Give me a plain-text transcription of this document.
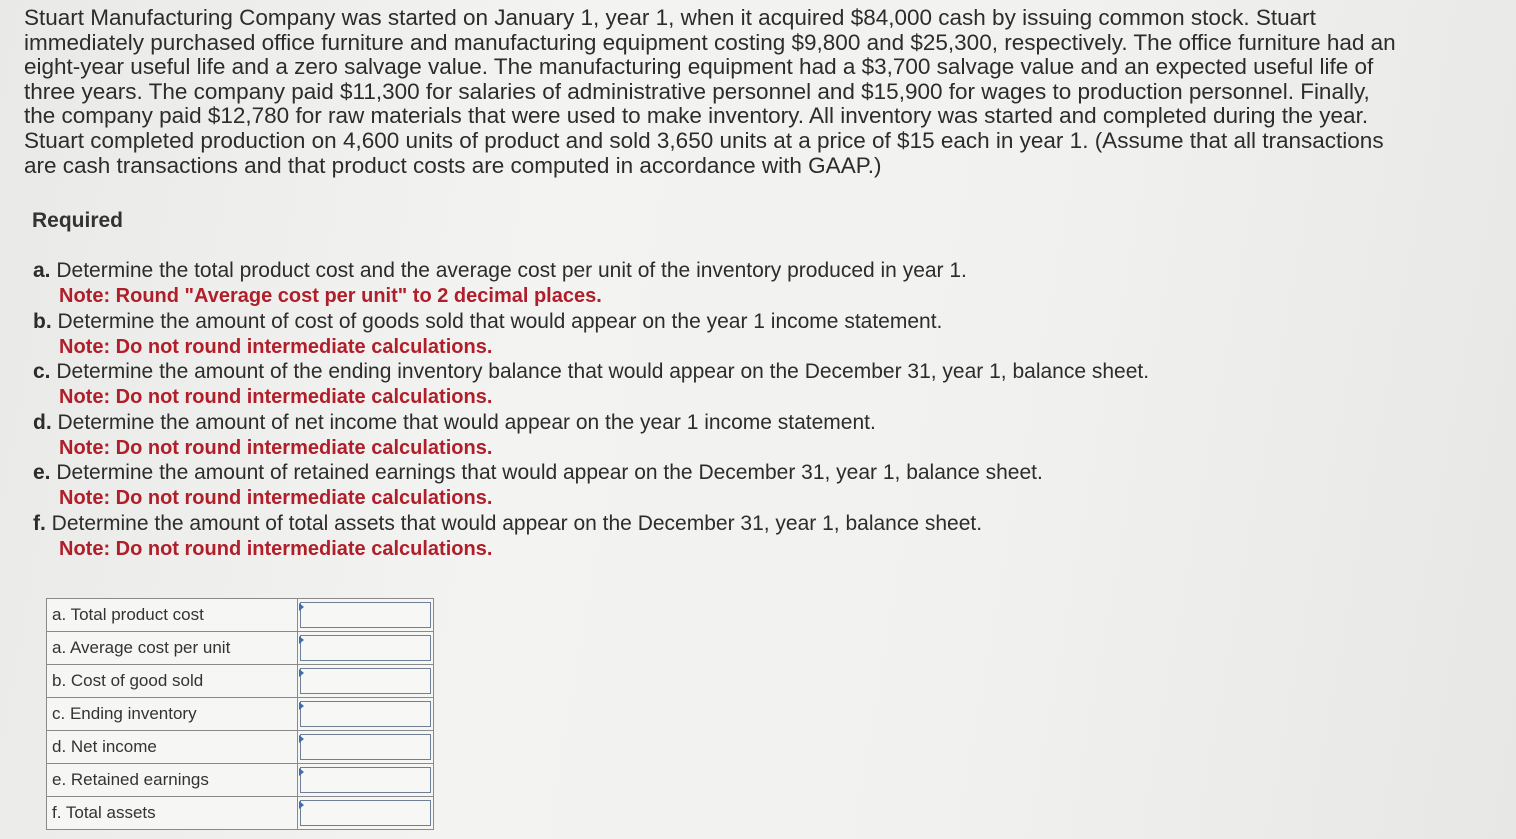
Stuart Manufacturing Company was started on January 1, year 1, when it acquired $84,000 cash by issuing common stock. Stuart immediately purchased office furniture and manufacturing equipment costing $9,800 and $25,300, respectively. The office furniture had an eight-year useful life and a zero salvage value. The manufacturing equipment had a $3,700 salvage value and an expected useful life of three years. The company paid $11,300 for salaries of administrative personnel and $15,900 for wages to production personnel. Finally, the company paid $12,780 for raw materials that were used to make inventory. All inventory was started and completed during the year. Stuart completed production on 4,600 units of product and sold 3,650 units at a price of $15 each in year 1. (Assume that all transactions are cash transactions and that product costs are computed in accordance with GAAP.)

Required
a. Determine the total product cost and the average cost per unit of the inventory produced in year 1.
Note: Round "Average cost per unit" to 2 decimal places.
b. Determine the amount of cost of goods sold that would appear on the year 1 income statement.
Note: Do not round intermediate calculations.
c. Determine the amount of the ending inventory balance that would appear on the December 31, year 1, balance sheet.
Note: Do not round intermediate calculations.
d. Determine the amount of net income that would appear on the year 1 income statement.
Note: Do not round intermediate calculations.
e. Determine the amount of retained earnings that would appear on the December 31, year 1, balance sheet.
Note: Do not round intermediate calculations.
f. Determine the amount of total assets that would appear on the December 31, year 1, balance sheet.
Note: Do not round intermediate calculations.
a. Total product cost	

a. Average cost per unit	

b. Cost of good sold	

c. Ending inventory	

d. Net income	

e. Retained earnings	

f. Total assets	
